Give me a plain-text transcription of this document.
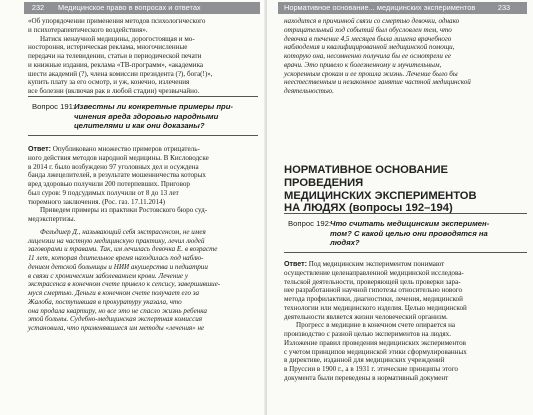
232 Медицинское право в вопросах и ответах

«Об упорядочении применения методов психологического

и психотерапевтического воздействия».

Натиск ненаучной медицины, дорогостоящая и мо-

ностороння, истерическая реклама, многочисленные

передачи на телевидении, статьи в периодической печати

и книжные издания, реклама «ТВ-программ», «академика

шести академий (?), члена комиссии президента (?), бога(!)»,

купить плату за его осмотр, и уж, конечно, излечения

все болезни (включая рак в любой стадии) чрезвычайно.

Вопрос 191:
Известны ли конкретные примеры при-
чинения вреда здоровью народными
целителями и как они доказаны?

Ответ: Опубликовано множество примеров отрицатель-

ного действия методов народной медицины. В Кисловодске

в 2014 г. было возбуждено 97 уголовных дел и осуждена

банда лжецелителей, в результате мошенничества которых

вред здоровью получили 200 потерпевших. Приговор

был суров: 9 подсудимых получили от 8 до 13 лет

тюремного заключения. (Рос. газ. 17.11.2014)

Приведем примеры из практики Ростовского бюро суд-

медэкспертизы.

Фельдшер Д., называющий себя экстрасенсом, не имея

лицензии на частную медицинскую практику, лечил людей

заговорами и травами. Так, им лечилась девочка Е. в возрасте

11 лет, которая длительное время находилась под наблю-

дением детской больницы и НИИ акушерства и педиатрии

в связи с хроническим заболеванием крови. Лечение у

экстрасенса в конечном счете привело к сепсису, завершившие-

муся смертью. Деньги в конечном счете получает его за

Жалоба, поступившая в прокуратуру указала, что

она продала квартиру, но все это не спасло жизнь ребенка

этой больны. Судебно-медицинская экспертная комиссия

установила, что применявшиеся им методы «лечения» не

Нормативное основание... медицинских экспериментов	233

находится в причинной связи со смертью девочки, однако

отрицательный ход событий был обусловлен тем, что

девочка в течение 4,5 месяцев была лишена врачебного

наблюдения и квалифицированной медицинской помощи,

которую она, несомненно получила бы ее осмотрели ее

врачи. Это привело к болезненному и мучительным,

ускоренным срокам и ее прошла жизнь. Лечение было бы

неестественным и незаконное занятие частной медицинской

деятельностью.

НОРМАТИВНОЕ ОСНОВАНИЕ ПРОВЕДЕНИЯ
МЕДИЦИНСКИХ ЭКСПЕРИМЕНТОВ
НА ЛЮДЯХ (вопросы 192–194)
Вопрос 192:
Что считать медицинским эксперимен-
том? С какой целью они проводятся на
людях?

Ответ: Под медицинским экспериментом понимают

осуществление целенаправленной медицинской исследова-

тельской деятельности, проверяющей цель проверки зара-

нее разработанной научной гипотезы относительно нового

метода профилактики, диагностики, лечения, медицинской

технологии или медицинского изделия. Целью медицинской

деятельности является жизни человеческий организм.

Прогресс в медицине в конечном счете опирается на

производство с разной целью экспериментов на людях.

Изложение правил проведения медицинских экспериментов

с учетом принципов медицинской этики сформулированных

в директиве, изданной для медицинских учреждений

в Пруссии в 1900 г., а в 1931 г. этические принципы этого

документа были переведены в нормативный документ
